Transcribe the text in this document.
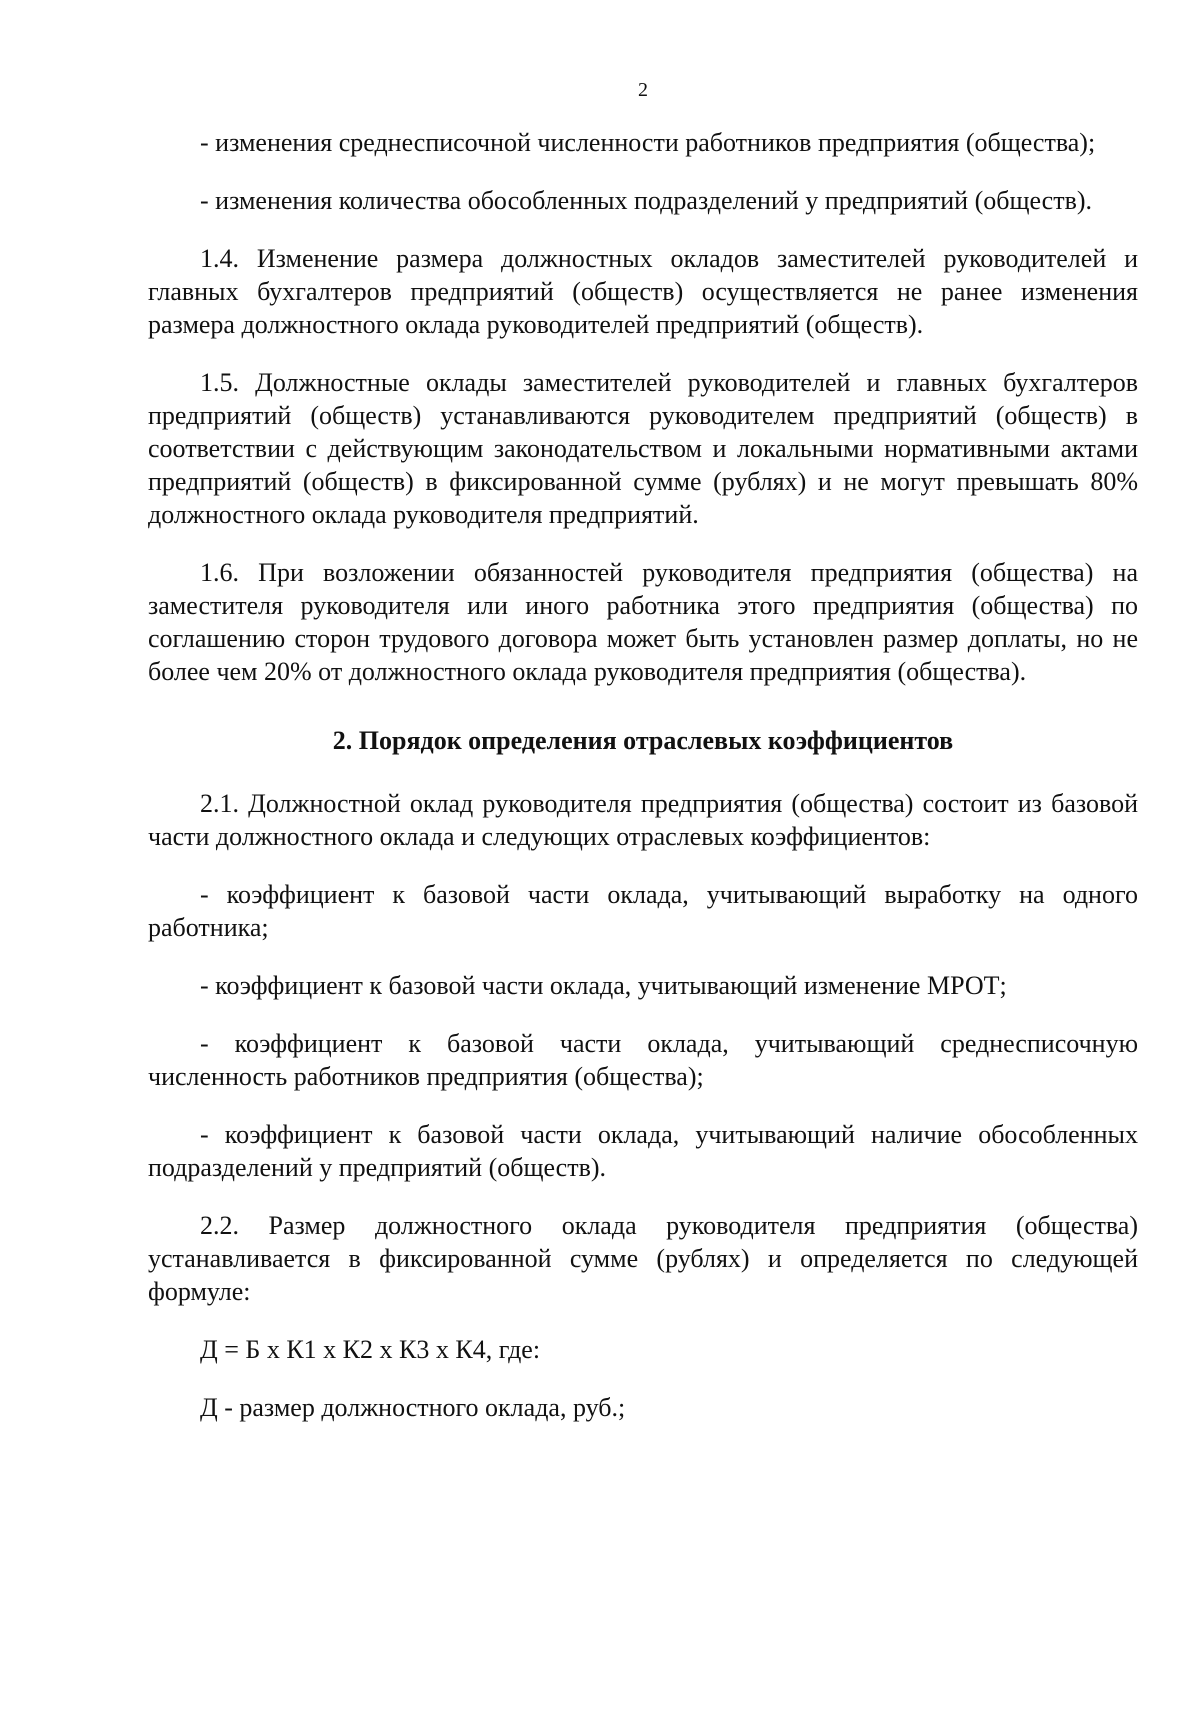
2

- изменения среднесписочной численности работников предприятия (общества);

- изменения количества обособленных подразделений у предприятий (обществ).

1.4. Изменение размера должностных окладов заместителей руководителей и главных бухгалтеров предприятий (обществ) осуществляется не ранее изменения размера должностного оклада руководителей предприятий (обществ).

1.5. Должностные оклады заместителей руководителей и главных бухгалтеров предприятий (обществ) устанавливаются руководителем предприятий (обществ) в соответствии с действующим законодательством и локальными нормативными актами предприятий (обществ) в фиксированной сумме (рублях) и не могут превышать 80% должностного оклада руководителя предприятий.

1.6. При возложении обязанностей руководителя предприятия (общества) на заместителя руководителя или иного работника этого предприятия (общества) по соглашению сторон трудового договора может быть установлен размер доплаты, но не более чем 20% от должностного оклада руководителя предприятия (общества).

2. Порядок определения отраслевых коэффициентов

2.1. Должностной оклад руководителя предприятия (общества) состоит из базовой части должностного оклада и следующих отраслевых коэффициентов:

- коэффициент к базовой части оклада, учитывающий выработку на одного работника;

- коэффициент к базовой части оклада, учитывающий изменение МРОТ;

- коэффициент к базовой части оклада, учитывающий среднесписочную численность работников предприятия (общества);

- коэффициент к базовой части оклада, учитывающий наличие обособленных подразделений у предприятий (обществ).

2.2. Размер должностного оклада руководителя предприятия (общества) устанавливается в фиксированной сумме (рублях) и определяется по следующей формуле:

Д = Б х К1 х К2 х К3 х К4, где:

Д - размер должностного оклада, руб.;
